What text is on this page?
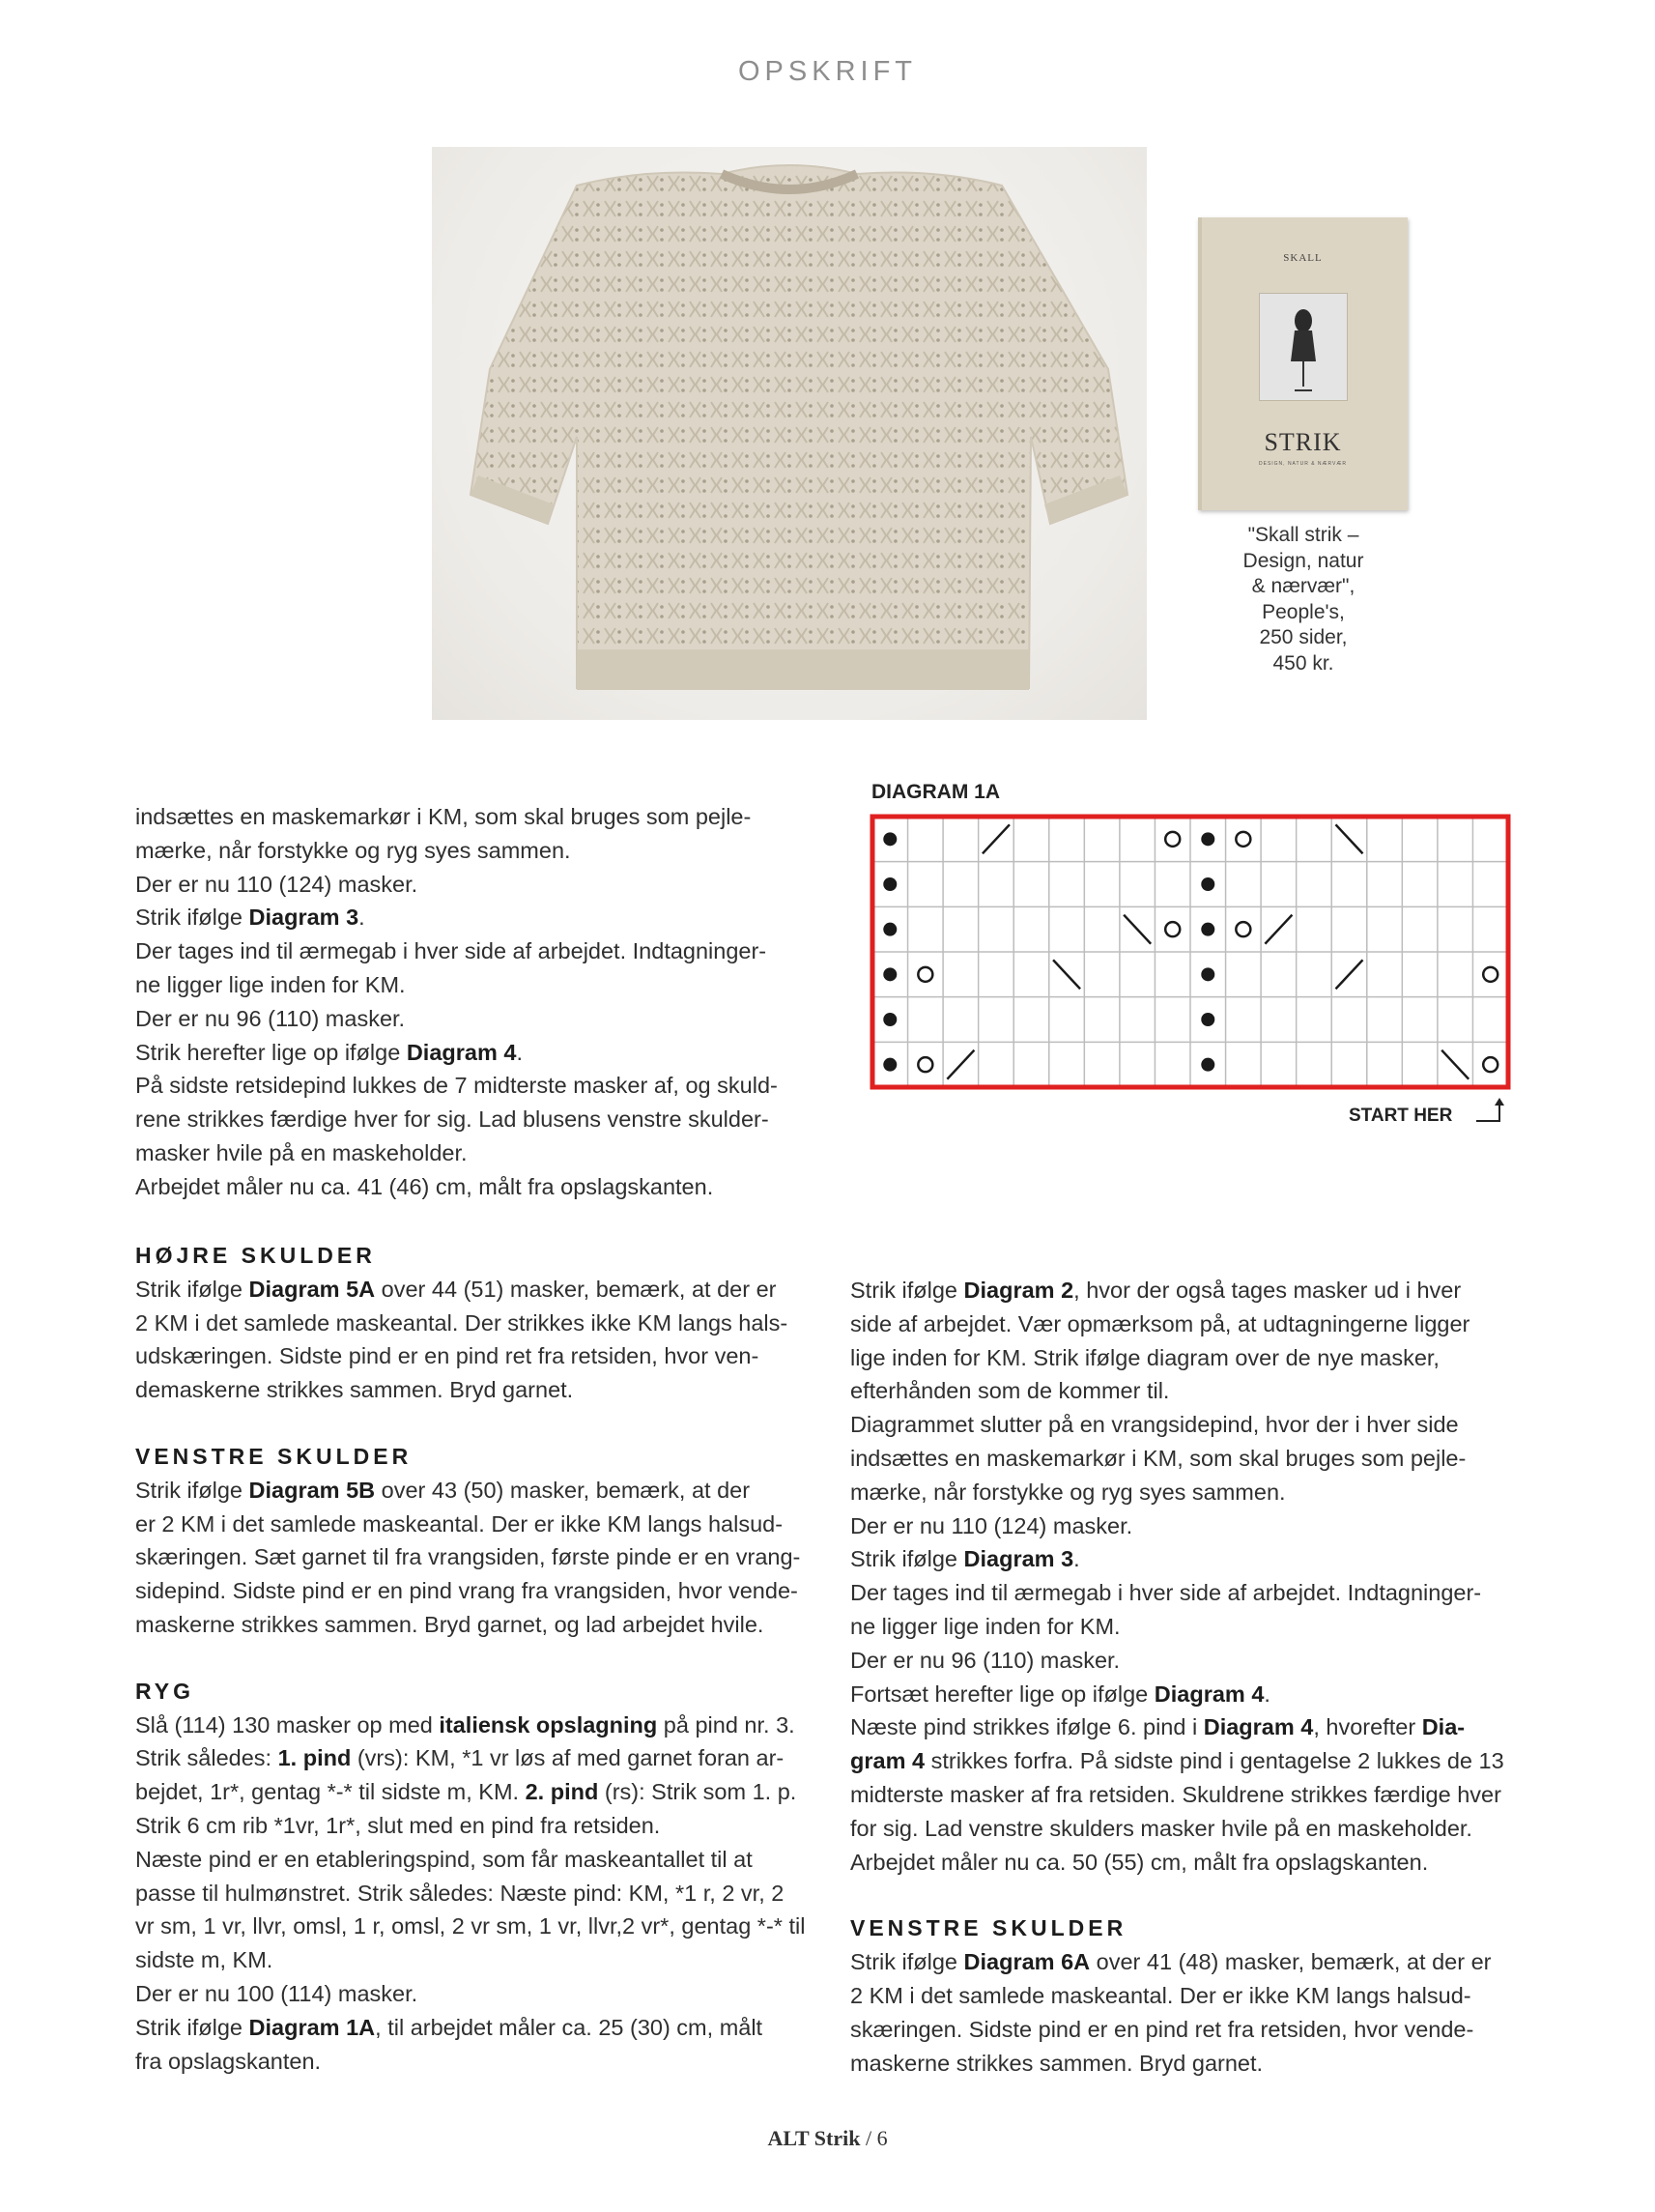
OPSKRIFT
SKALL
STRIK
DESIGN, NATUR & NÆRVÆR
"Skall strik –
Design, natur
& nærvær",
People's,
250 sider,
450 kr.
indsættes en maskemarkør i KM, som skal bruges som pejle-
mærke, når forstykke og ryg syes sammen.
Der er nu 110 (124) masker.
Strik ifølge Diagram 3.
Der tages ind til ærmegab i hver side af arbejdet. Indtagninger-
ne ligger lige inden for KM.
Der er nu 96 (110) masker.
Strik herefter lige op ifølge Diagram 4.
På sidste retsidepind lukkes de 7 midterste masker af, og skuld-
rene strikkes færdige hver for sig. Lad blusens venstre skulder-
masker hvile på en maskeholder.
Arbejdet måler nu ca. 41 (46) cm, målt fra opslagskanten.
DIAGRAM 1A
START HER
HØJRE SKULDER
Strik ifølge Diagram 5A over 44 (51) masker, bemærk, at der er
2 KM i det samlede maskeantal. Der strikkes ikke KM langs hals-
udskæringen. Sidste pind er en pind ret fra retsiden, hvor ven-
demaskerne strikkes sammen. Bryd garnet.
VENSTRE SKULDER
Strik ifølge Diagram 5B over 43 (50) masker, bemærk, at der
er 2 KM i det samlede maskeantal. Der er ikke KM langs halsud-
skæringen. Sæt garnet til fra vrangsiden, første pinde er en vrang-
sidepind. Sidste pind er en pind vrang fra vrangsiden, hvor vende-
maskerne strikkes sammen. Bryd garnet, og lad arbejdet hvile.
RYG
Slå (114) 130 masker op med italiensk opslagning på pind nr. 3.
Strik således: 1. pind (vrs): KM, *1 vr løs af med garnet foran ar-
bejdet, 1r*, gentag *-* til sidste m, KM. 2. pind (rs): Strik som 1. p.
Strik 6 cm rib *1vr, 1r*, slut med en pind fra retsiden.
Næste pind er en etableringspind, som får maskeantallet til at
passe til hulmønstret. Strik således: Næste pind: KM, *1 r, 2 vr, 2
vr sm, 1 vr, llvr, omsl, 1 r, omsl, 2 vr sm, 1 vr, llvr,2 vr*, gentag *-* til
sidste m, KM.
Der er nu 100 (114) masker.
Strik ifølge Diagram 1A, til arbejdet måler ca. 25 (30) cm, målt
fra opslagskanten.
Strik ifølge Diagram 2, hvor der også tages masker ud i hver
side af arbejdet. Vær opmærksom på, at udtagningerne ligger
lige inden for KM. Strik ifølge diagram over de nye masker,
efterhånden som de kommer til.
Diagrammet slutter på en vrangsidepind, hvor der i hver side
indsættes en maskemarkør i KM, som skal bruges som pejle-
mærke, når forstykke og ryg syes sammen.
Der er nu 110 (124) masker.
Strik ifølge Diagram 3.
Der tages ind til ærmegab i hver side af arbejdet. Indtagninger-
ne ligger lige inden for KM.
Der er nu 96 (110) masker.
Fortsæt herefter lige op ifølge Diagram 4.
Næste pind strikkes ifølge 6. pind i Diagram 4, hvorefter Dia-
gram 4 strikkes forfra. På sidste pind i gentagelse 2 lukkes de 13
midterste masker af fra retsiden. Skuldrene strikkes færdige hver
for sig. Lad venstre skulders masker hvile på en maskeholder.
Arbejdet måler nu ca. 50 (55) cm, målt fra opslagskanten.
VENSTRE SKULDER
Strik ifølge Diagram 6A over 41 (48) masker, bemærk, at der er
2 KM i det samlede maskeantal. Der er ikke KM langs halsud-
skæringen. Sidste pind er en pind ret fra retsiden, hvor vende-
maskerne strikkes sammen. Bryd garnet.
ALT Strik / 6
